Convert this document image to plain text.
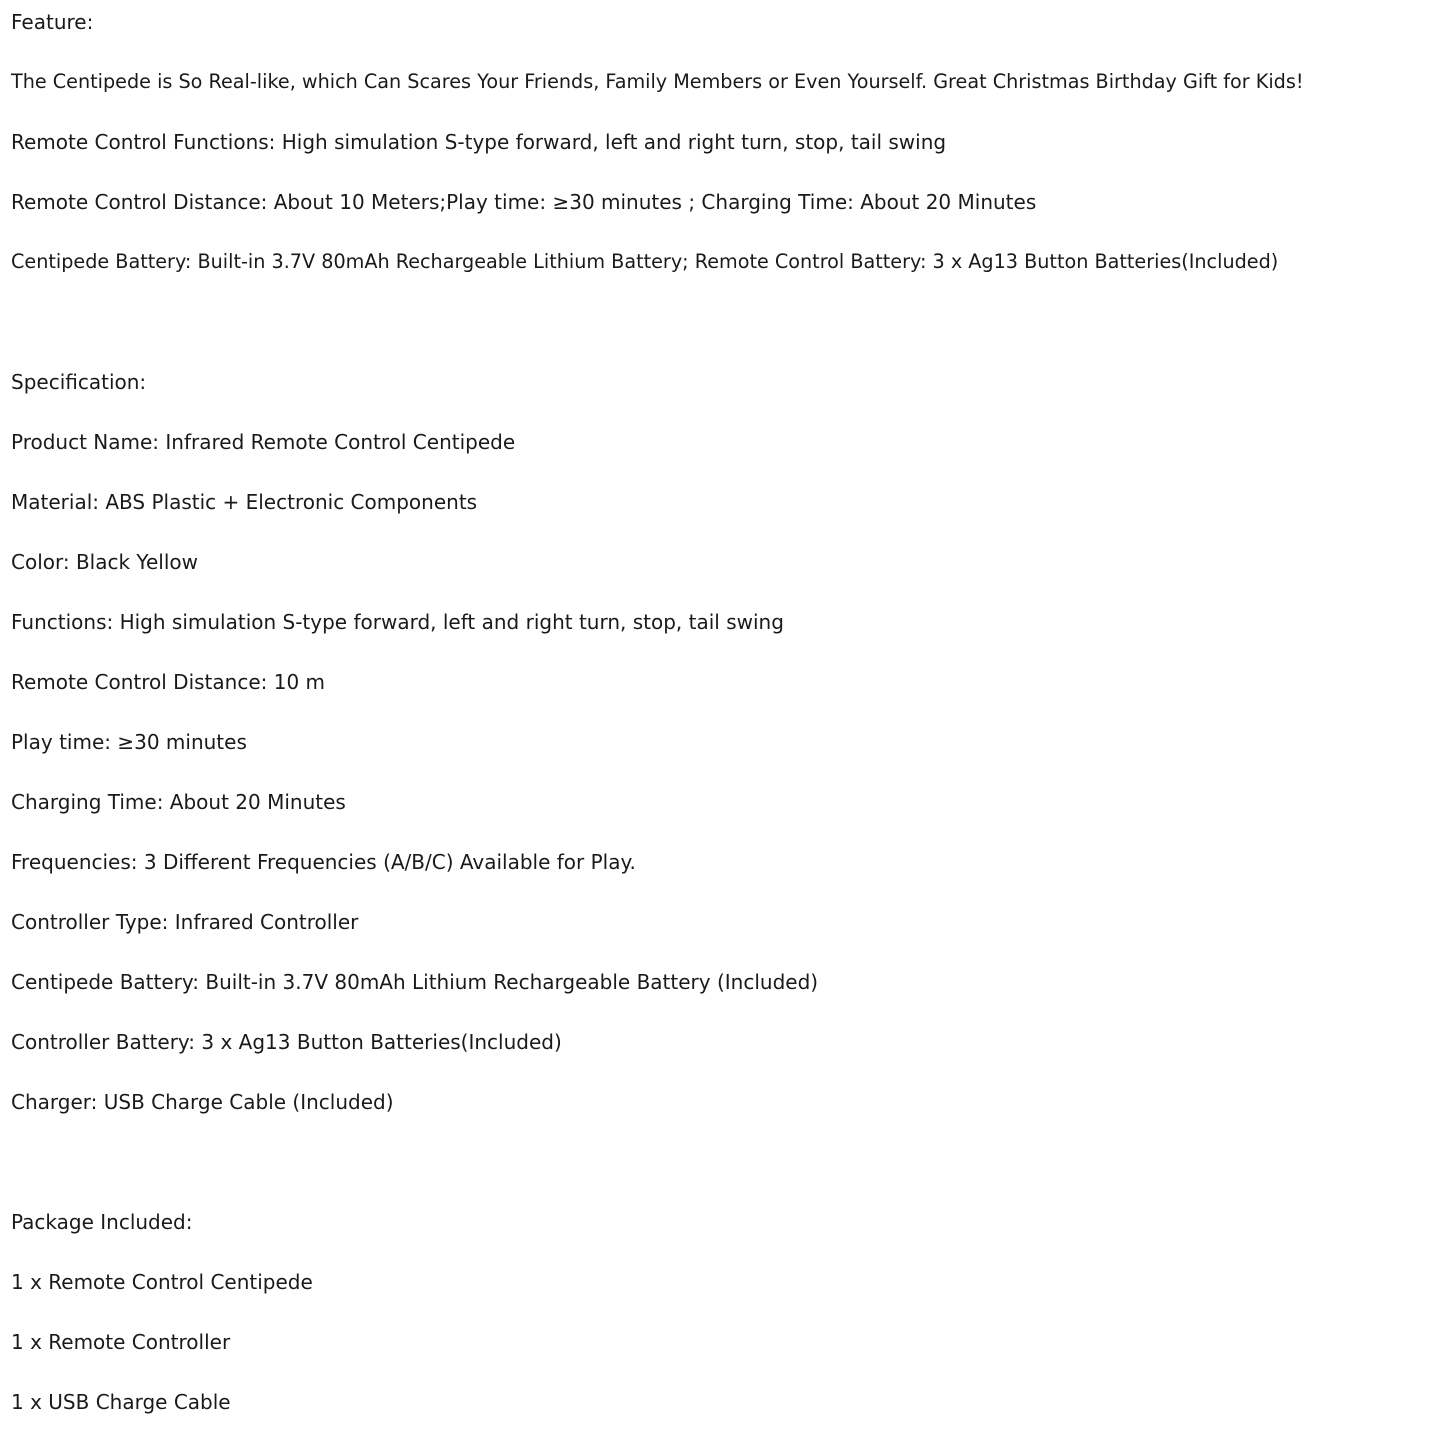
Feature:
The Centipede is So Real-like, which Can Scares Your Friends, Family Members or Even Yourself. Great Christmas Birthday Gift for Kids!
Remote Control Functions: High simulation S-type forward, left and right turn, stop, tail swing
Remote Control Distance: About 10 Meters;Play time: ≥30 minutes ; Charging Time: About 20 Minutes
Centipede Battery: Built-in 3.7V 80mAh Rechargeable Lithium Battery; Remote Control Battery: 3 x Ag13 Button Batteries(Included)
Specification:
Product Name: Infrared Remote Control Centipede
Material: ABS Plastic + Electronic Components
Color: Black Yellow
Functions: High simulation S-type forward, left and right turn, stop, tail swing
Remote Control Distance: 10 m
Play time: ≥30 minutes
Charging Time: About 20 Minutes
Frequencies: 3 Different Frequencies (A/B/C) Available for Play.
Controller Type: Infrared Controller
Centipede Battery: Built-in 3.7V 80mAh Lithium Rechargeable Battery (Included)
Controller Battery: 3 x Ag13 Button Batteries(Included)
Charger: USB Charge Cable (Included)
Package Included:
1 x Remote Control Centipede
1 x Remote Controller
1 x USB Charge Cable
